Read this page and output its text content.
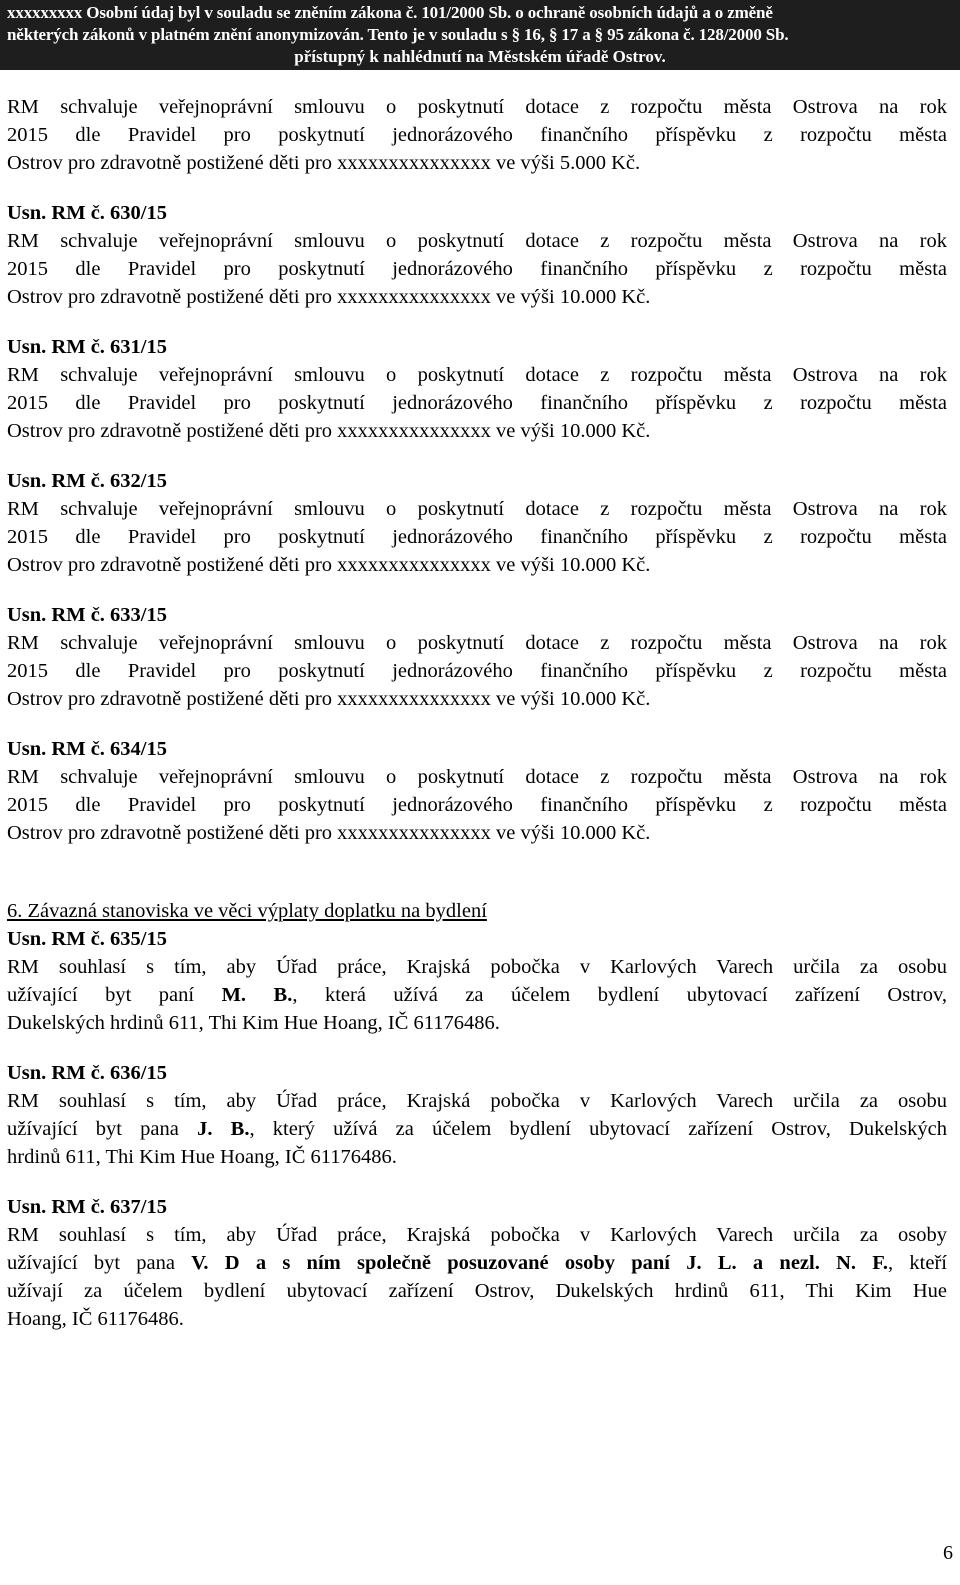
xxxxxxxxx Osobní údaj byl v souladu se zněním zákona č. 101/2000 Sb. o ochraně osobních údajů a o změně
některých zákonů v platném znění anonymizován. Tento je v souladu s § 16, § 17 a § 95 zákona č. 128/2000 Sb.
přístupný k nahlédnutí na Městském úřadě Ostrov.
RM schvaluje veřejnoprávní smlouvu o poskytnutí dotace z rozpočtu města Ostrova na rok
2015 dle Pravidel pro poskytnutí jednorázového finančního příspěvku z rozpočtu města
Ostrov pro zdravotně postižené děti pro xxxxxxxxxxxxxxx ve výši 5.000 Kč.
Usn. RM č. 630/15
RM schvaluje veřejnoprávní smlouvu o poskytnutí dotace z rozpočtu města Ostrova na rok
2015 dle Pravidel pro poskytnutí jednorázového finančního příspěvku z rozpočtu města
Ostrov pro zdravotně postižené děti pro xxxxxxxxxxxxxxx ve výši 10.000 Kč.
Usn. RM č. 631/15
RM schvaluje veřejnoprávní smlouvu o poskytnutí dotace z rozpočtu města Ostrova na rok
2015 dle Pravidel pro poskytnutí jednorázového finančního příspěvku z rozpočtu města
Ostrov pro zdravotně postižené děti pro xxxxxxxxxxxxxxx ve výši 10.000 Kč.
Usn. RM č. 632/15
RM schvaluje veřejnoprávní smlouvu o poskytnutí dotace z rozpočtu města Ostrova na rok
2015 dle Pravidel pro poskytnutí jednorázového finančního příspěvku z rozpočtu města
Ostrov pro zdravotně postižené děti pro xxxxxxxxxxxxxxx ve výši 10.000 Kč.
Usn. RM č. 633/15
RM schvaluje veřejnoprávní smlouvu o poskytnutí dotace z rozpočtu města Ostrova na rok
2015 dle Pravidel pro poskytnutí jednorázového finančního příspěvku z rozpočtu města
Ostrov pro zdravotně postižené děti pro xxxxxxxxxxxxxxx ve výši 10.000 Kč.
Usn. RM č. 634/15
RM schvaluje veřejnoprávní smlouvu o poskytnutí dotace z rozpočtu města Ostrova na rok
2015 dle Pravidel pro poskytnutí jednorázového finančního příspěvku z rozpočtu města
Ostrov pro zdravotně postižené děti pro xxxxxxxxxxxxxxx ve výši 10.000 Kč.
6. Závazná stanoviska ve věci výplaty doplatku na bydlení
Usn. RM č. 635/15
RM souhlasí s tím, aby Úřad práce, Krajská pobočka v Karlových Varech určila za osobu
užívající byt paní M. B., která užívá za účelem bydlení ubytovací zařízení Ostrov,
Dukelských hrdinů 611, Thi Kim Hue Hoang, IČ 61176486.
Usn. RM č. 636/15
RM souhlasí s tím, aby Úřad práce, Krajská pobočka v Karlových Varech určila za osobu
užívající byt pana J. B., který užívá za účelem bydlení ubytovací zařízení Ostrov, Dukelských
hrdinů 611, Thi Kim Hue Hoang, IČ 61176486.
Usn. RM č. 637/15
RM souhlasí s tím, aby Úřad práce, Krajská pobočka v Karlových Varech určila za osoby
užívající byt pana V. D a s ním společně posuzované osoby paní J. L. a nezl. N. F., kteří
užívají za účelem bydlení ubytovací zařízení Ostrov, Dukelských hrdinů 611, Thi Kim Hue
Hoang, IČ 61176486.
6
